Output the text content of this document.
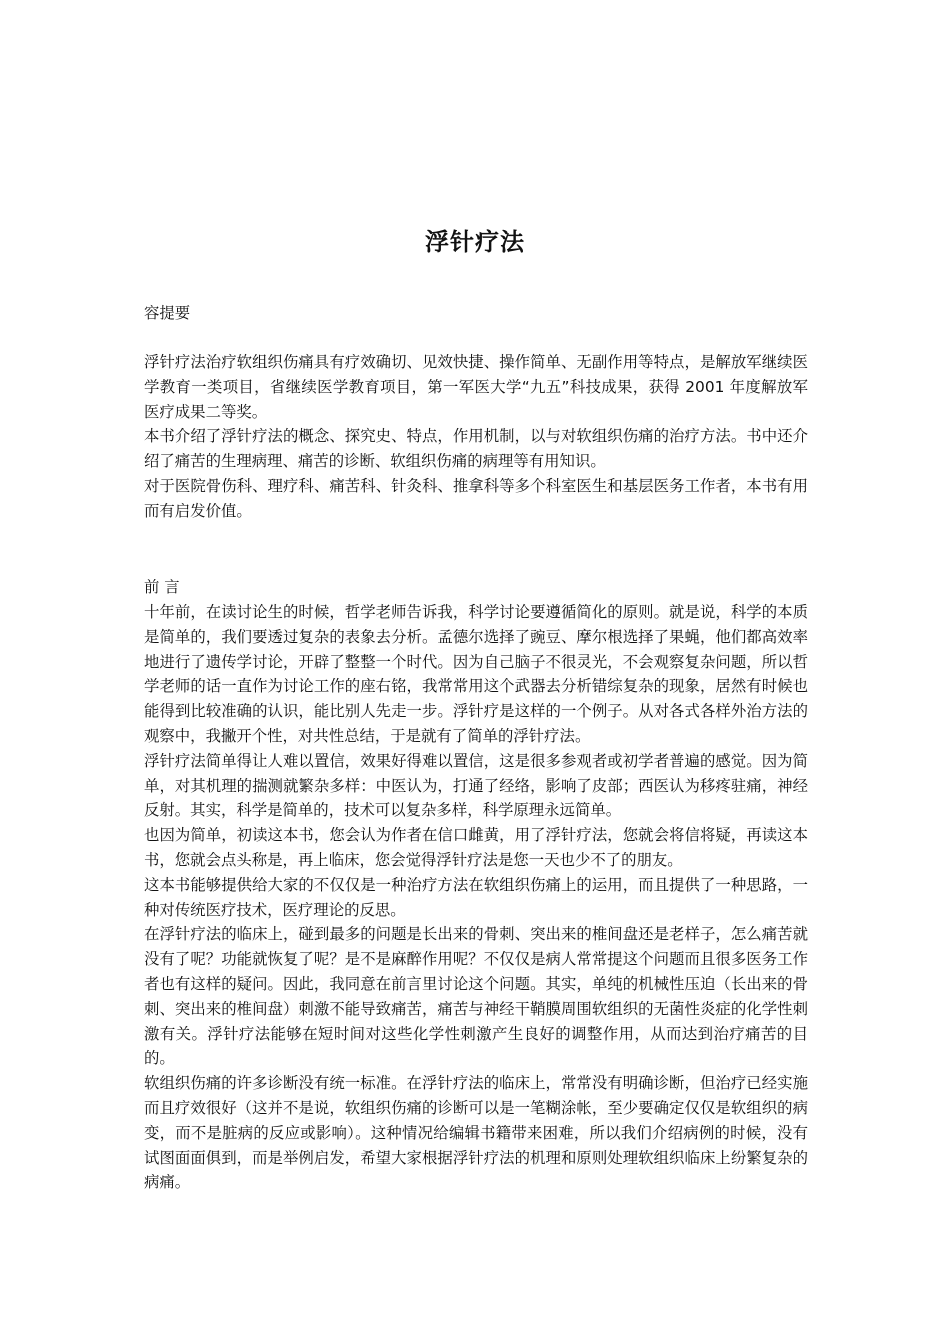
浮针疗法
容提要

浮针疗法治疗软组织伤痛具有疗效确切、见效快捷、操作简单、无副作用等特点，是解放军继续医学教育一类项目，省继续医学教育项目，第一军医大学“九五”科技成果，获得 2001 年度解放军医疗成果二等奖。

本书介绍了浮针疗法的概念、探究史、特点，作用机制，以与对软组织伤痛的治疗方法。书中还介绍了痛苦的生理病理、痛苦的诊断、软组织伤痛的病理等有用知识。

对于医院骨伤科、理疗科、痛苦科、针灸科、推拿科等多个科室医生和基层医务工作者，本书有用而有启发价值。

前 言

十年前，在读讨论生的时候，哲学老师告诉我，科学讨论要遵循简化的原则。就是说，科学的本质是简单的，我们要透过复杂的表象去分析。孟德尔选择了豌豆、摩尔根选择了果蝇，他们都高效率地进行了遗传学讨论，开辟了整整一个时代。因为自己脑子不很灵光，不会观察复杂问题，所以哲学老师的话一直作为讨论工作的座右铭，我常常用这个武器去分析错综复杂的现象，居然有时候也能得到比较准确的认识，能比别人先走一步。浮针疗是这样的一个例子。从对各式各样外治方法的观察中，我撇开个性，对共性总结，于是就有了简单的浮针疗法。

浮针疗法简单得让人难以置信，效果好得难以置信，这是很多参观者或初学者普遍的感觉。因为简单，对其机理的揣测就繁杂多样：中医认为，打通了经络，影响了皮部；西医认为移疼驻痛，神经反射。其实，科学是简单的，技术可以复杂多样，科学原理永远简单。

也因为简单，初读这本书，您会认为作者在信口雌黄，用了浮针疗法，您就会将信将疑，再读这本书，您就会点头称是，再上临床，您会觉得浮针疗法是您一天也少不了的朋友。

这本书能够提供给大家的不仅仅是一种治疗方法在软组织伤痛上的运用，而且提供了一种思路，一种对传统医疗技术，医疗理论的反思。

在浮针疗法的临床上，碰到最多的问题是长出来的骨刺、突出来的椎间盘还是老样子，怎么痛苦就没有了呢？功能就恢复了呢？是不是麻醉作用呢？不仅仅是病人常常提这个问题而且很多医务工作者也有这样的疑问。因此，我同意在前言里讨论这个问题。其实，单纯的机械性压迫（长出来的骨刺、突出来的椎间盘）刺激不能导致痛苦，痛苦与神经干鞘膜周围软组织的无菌性炎症的化学性刺激有关。浮针疗法能够在短时间对这些化学性刺激产生良好的调整作用，从而达到治疗痛苦的目的。

软组织伤痛的许多诊断没有统一标准。在浮针疗法的临床上，常常没有明确诊断，但治疗已经实施而且疗效很好（这并不是说，软组织伤痛的诊断可以是一笔糊涂帐，至少要确定仅仅是软组织的病变，而不是脏病的反应或影响）。这种情况给编辑书籍带来困难，所以我们介绍病例的时候，没有试图面面俱到，而是举例启发，希望大家根据浮针疗法的机理和原则处理软组织临床上纷繁复杂的病痛。
